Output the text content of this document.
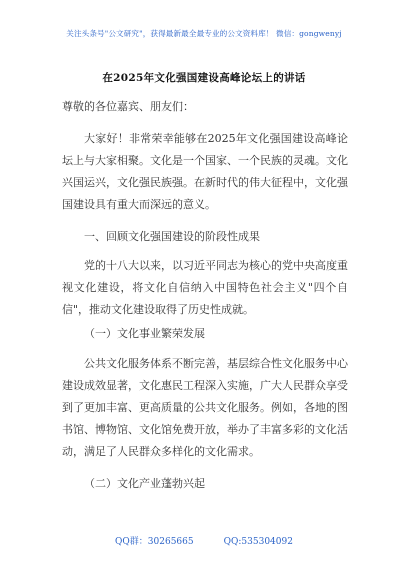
关注头条号"公文研究"，获得最新最全最专业的公文资料库！ 微信：gongwenyj
在2025年文化强国建设高峰论坛上的讲话
尊敬的各位嘉宾、朋友们：

大家好！非常荣幸能够在2025年文化强国建设高峰论坛上与大家相聚。文化是一个国家、一个民族的灵魂。文化兴国运兴，文化强民族强。在新时代的伟大征程中，文化强国建设具有重大而深远的意义。

一、回顾文化强国建设的阶段性成果

党的十八大以来，以习近平同志为核心的党中央高度重视文化建设，将文化自信纳入中国特色社会主义"四个自信"，推动文化建设取得了历史性成就。

（一）文化事业繁荣发展

公共文化服务体系不断完善，基层综合性文化服务中心建设成效显著，文化惠民工程深入实施，广大人民群众享受到了更加丰富、更高质量的公共文化服务。例如，各地的图书馆、博物馆、文化馆免费开放，举办了丰富多彩的文化活动，满足了人民群众多样化的文化需求。

（二）文化产业蓬勃兴起
QQ群：30265665	QQ:535304092
